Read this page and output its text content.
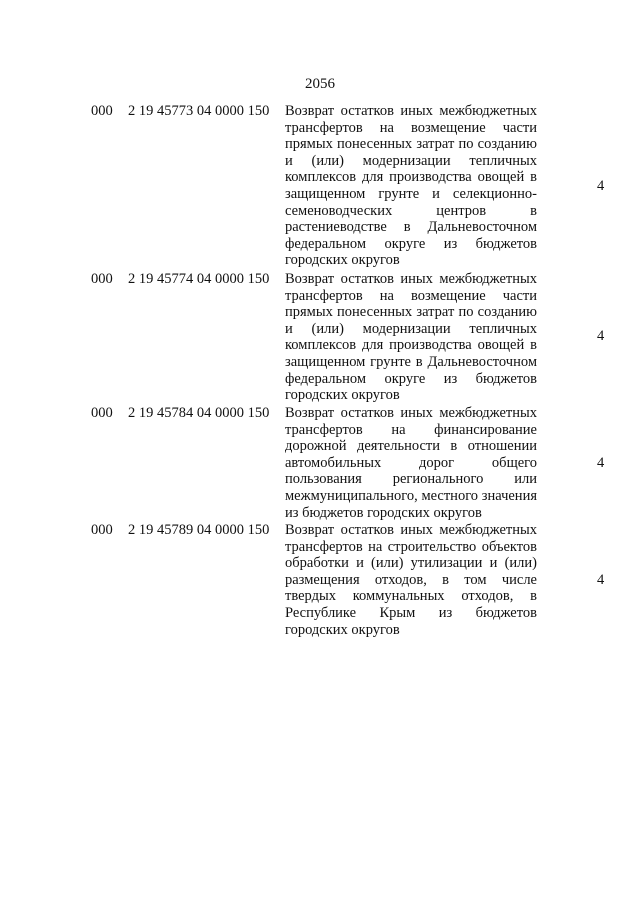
2056
000 2 19 45773 04 0000 150 Возврат остатков иных межбюджетных
трансфертов на возмещение части
прямых понесенных затрат по созданию
и (или) модернизации тепличных
комплексов для производства овощей в
защищенном грунте и селекционно-
семеноводческих центров в
растениеводстве в Дальневосточном
федеральном округе из бюджетов
городских округов
4
000 2 19 45774 04 0000 150 Возврат остатков иных межбюджетных
трансфертов на возмещение части
прямых понесенных затрат по созданию
и (или) модернизации тепличных
комплексов для производства овощей в
защищенном грунте в Дальневосточном
федеральном округе из бюджетов
городских округов
4
000 2 19 45784 04 0000 150 Возврат остатков иных межбюджетных
трансфертов на финансирование
дорожной деятельности в отношении
автомобильных дорог общего
пользования регионального или
межмуниципального, местного значения
из бюджетов городских округов
4
000 2 19 45789 04 0000 150 Возврат остатков иных межбюджетных
трансфертов на строительство объектов
обработки и (или) утилизации и (или)
размещения отходов, в том числе
твердых коммунальных отходов, в
Республике Крым из бюджетов
городских округов
4
